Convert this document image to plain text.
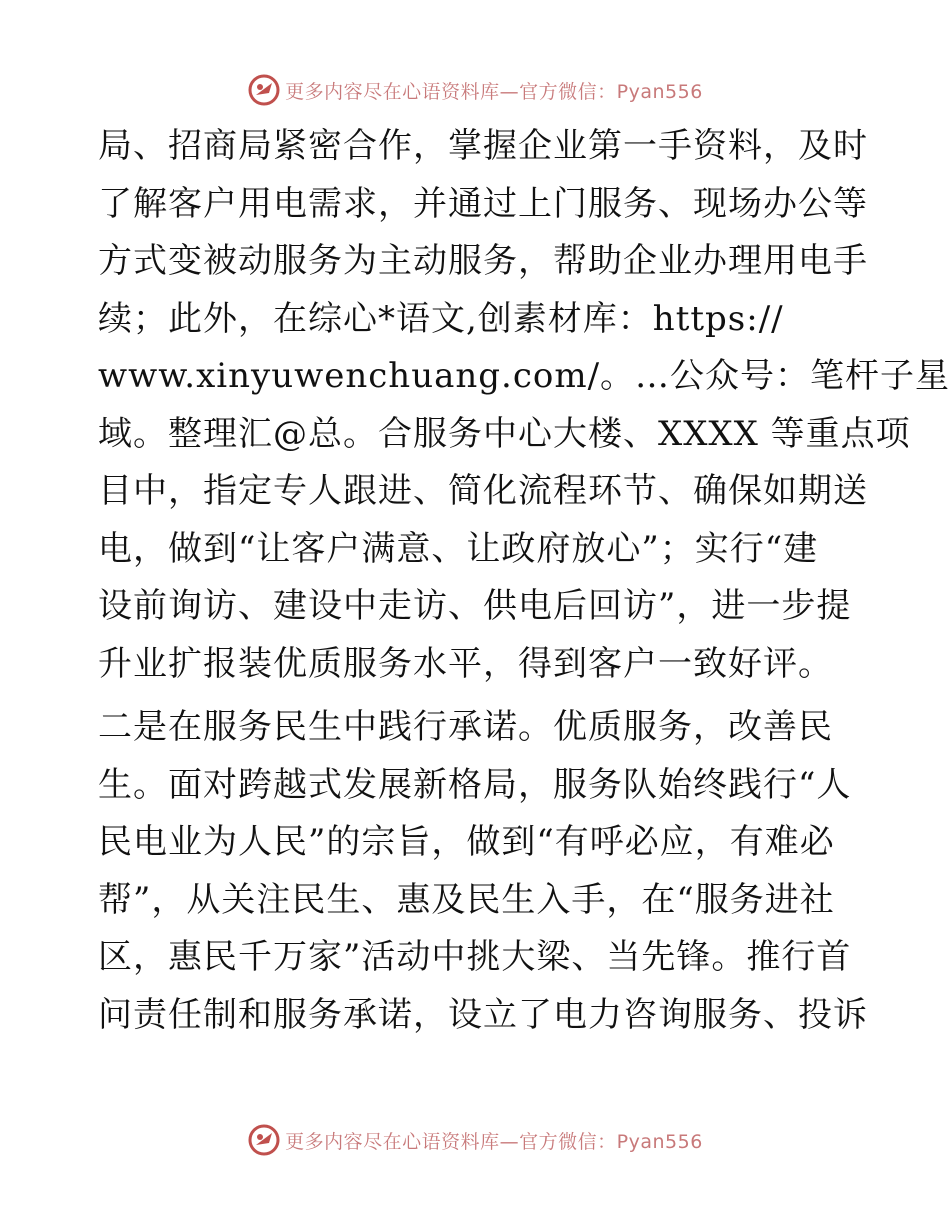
更多内容尽在心语资料库—官方微信：Pyan556
局、招商局紧密合作，掌握企业第一手资料，及时
了解客户用电需求，并通过上门服务、现场办公等
方式变被动服务为主动服务，帮助企业办理用电手
续；此外，在综心*语文,创素材库：https://
www.xinyuwenchuang.com/。…公众号：笔杆子星
域。整理汇@总。合服务中心大楼、XXXX 等重点项
目中，指定专人跟进、简化流程环节、确保如期送
电，做到“让客户满意、让政府放心”；实行“建
设前询访、建设中走访、供电后回访”，进一步提
升业扩报装优质服务水平，得到客户一致好评。
二是在服务民生中践行承诺。优质服务，改善民
生。面对跨越式发展新格局，服务队始终践行“人
民电业为人民”的宗旨，做到“有呼必应，有难必
帮”，从关注民生、惠及民生入手，在“服务进社
区，惠民千万家”活动中挑大梁、当先锋。推行首
问责任制和服务承诺，设立了电力咨询服务、投诉
更多内容尽在心语资料库—官方微信：Pyan556
